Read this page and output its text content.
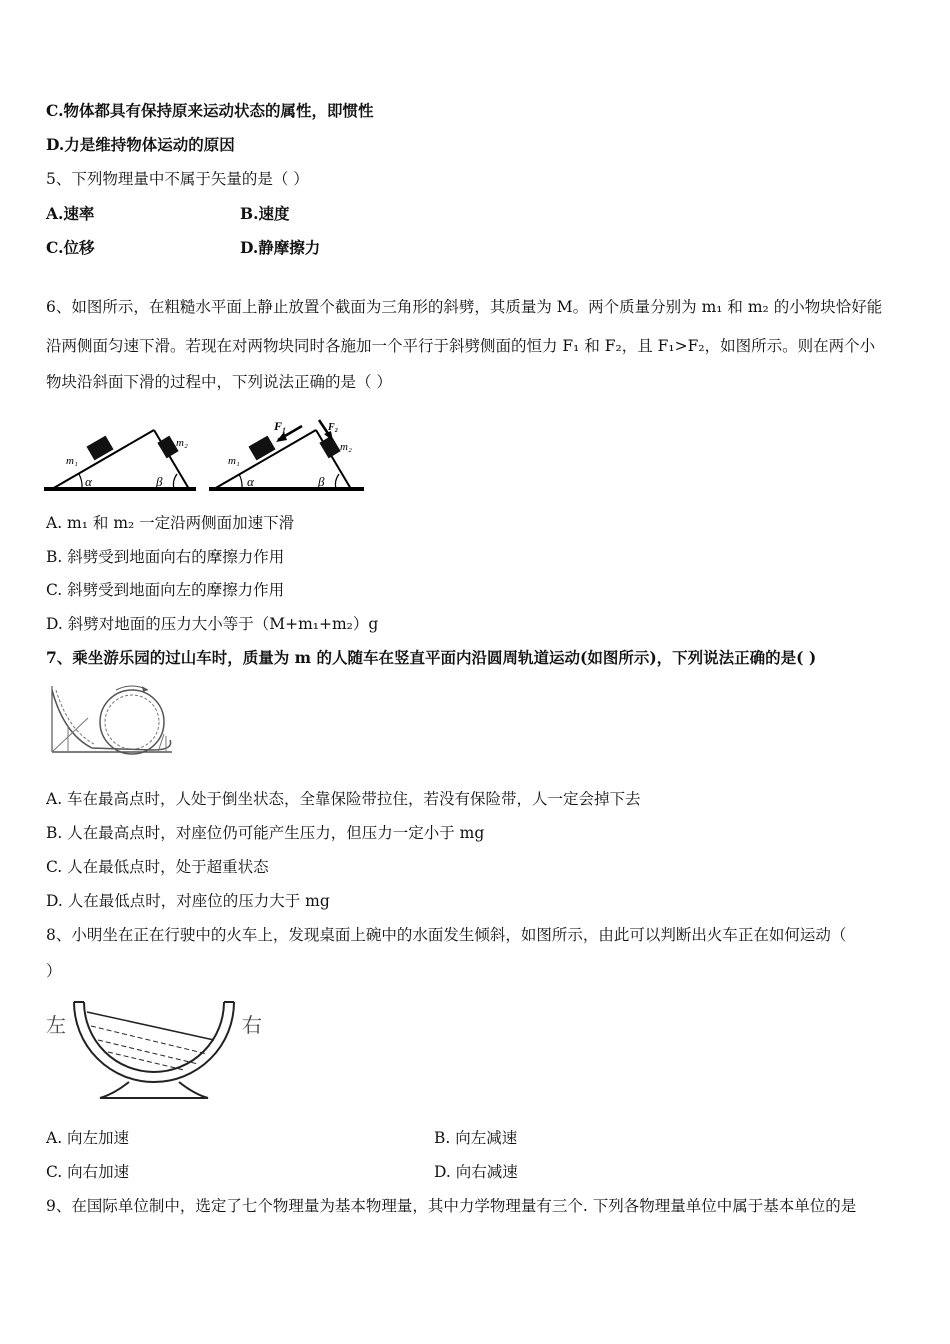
C.物体都具有保持原来运动状态的属性，即惯性
D.力是维持物体运动的原因
5、下列物理量中不属于矢量的是（ ）
A.速率	B.速度
C.位移	D.静摩擦力
6、如图所示，在粗糙水平面上静止放置个截面为三角形的斜劈，其质量为 M。两个质量分别为 m₁ 和 m₂ 的小物块恰好能
沿两侧面匀速下滑。若现在对两物块同时各施加一个平行于斜劈侧面的恒力 F₁ 和 F₂，且 F₁>F₂，如图所示。则在两个小
物块沿斜面下滑的过程中，下列说法正确的是（ ）
m₁
m₂
α	β
m₁
m₂
α	β
F₁	F₂
A. m₁ 和 m₂ 一定沿两侧面加速下滑
B. 斜劈受到地面向右的摩擦力作用
C. 斜劈受到地面向左的摩擦力作用
D. 斜劈对地面的压力大小等于（M+m₁+m₂）g
7、乘坐游乐园的过山车时，质量为 m 的人随车在竖直平面内沿圆周轨道运动(如图所示)，下列说法正确的是( )
A. 车在最高点时，人处于倒坐状态，全靠保险带拉住，若没有保险带，人一定会掉下去
B. 人在最高点时，对座位仍可能产生压力，但压力一定小于 mg
C. 人在最低点时，处于超重状态
D. 人在最低点时，对座位的压力大于 mg
8、小明坐在正在行驶中的火车上，发现桌面上碗中的水面发生倾斜，如图所示，由此可以判断出火车正在如何运动（
）
左	右
A. 向左加速	B. 向左减速
C. 向右加速	D. 向右减速
9、在国际单位制中，选定了七个物理量为基本物理量，其中力学物理量有三个. 下列各物理量单位中属于基本单位的是
